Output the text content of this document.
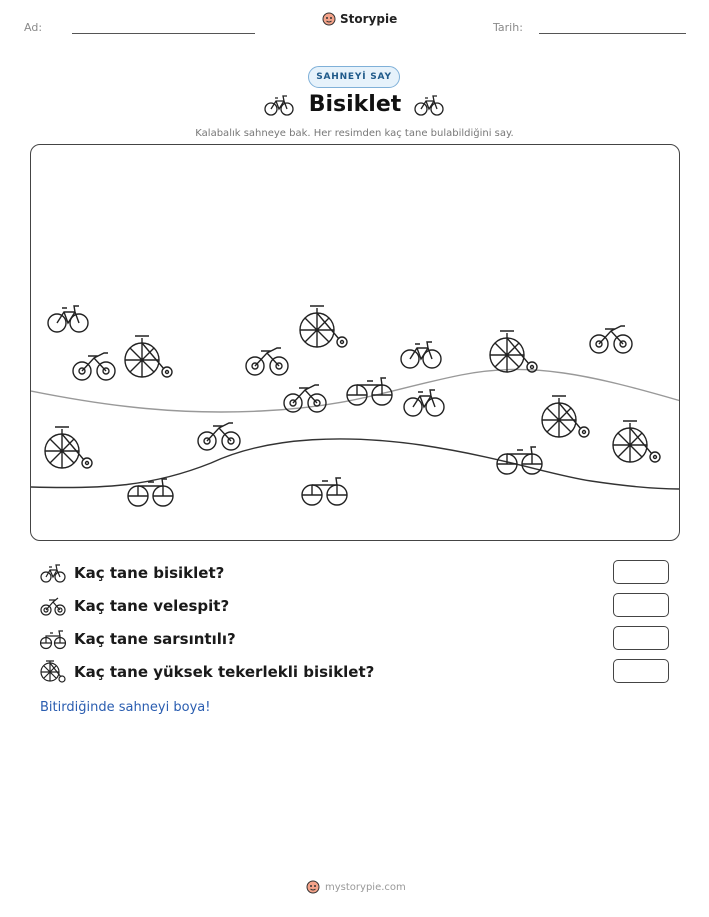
Ad:
Storypie
Tarih:
SAHNEYİ SAY
Bisiklet
Kalabalık sahneye bak. Her resimden kaç tane bulabildiğini say.
Kaç tane bisiklet?
Kaç tane velespit?
Kaç tane sarsıntılı?
Kaç tane yüksek tekerlekli bisiklet?
Bitirdiğinde sahneyi boya!
mystorypie.com
